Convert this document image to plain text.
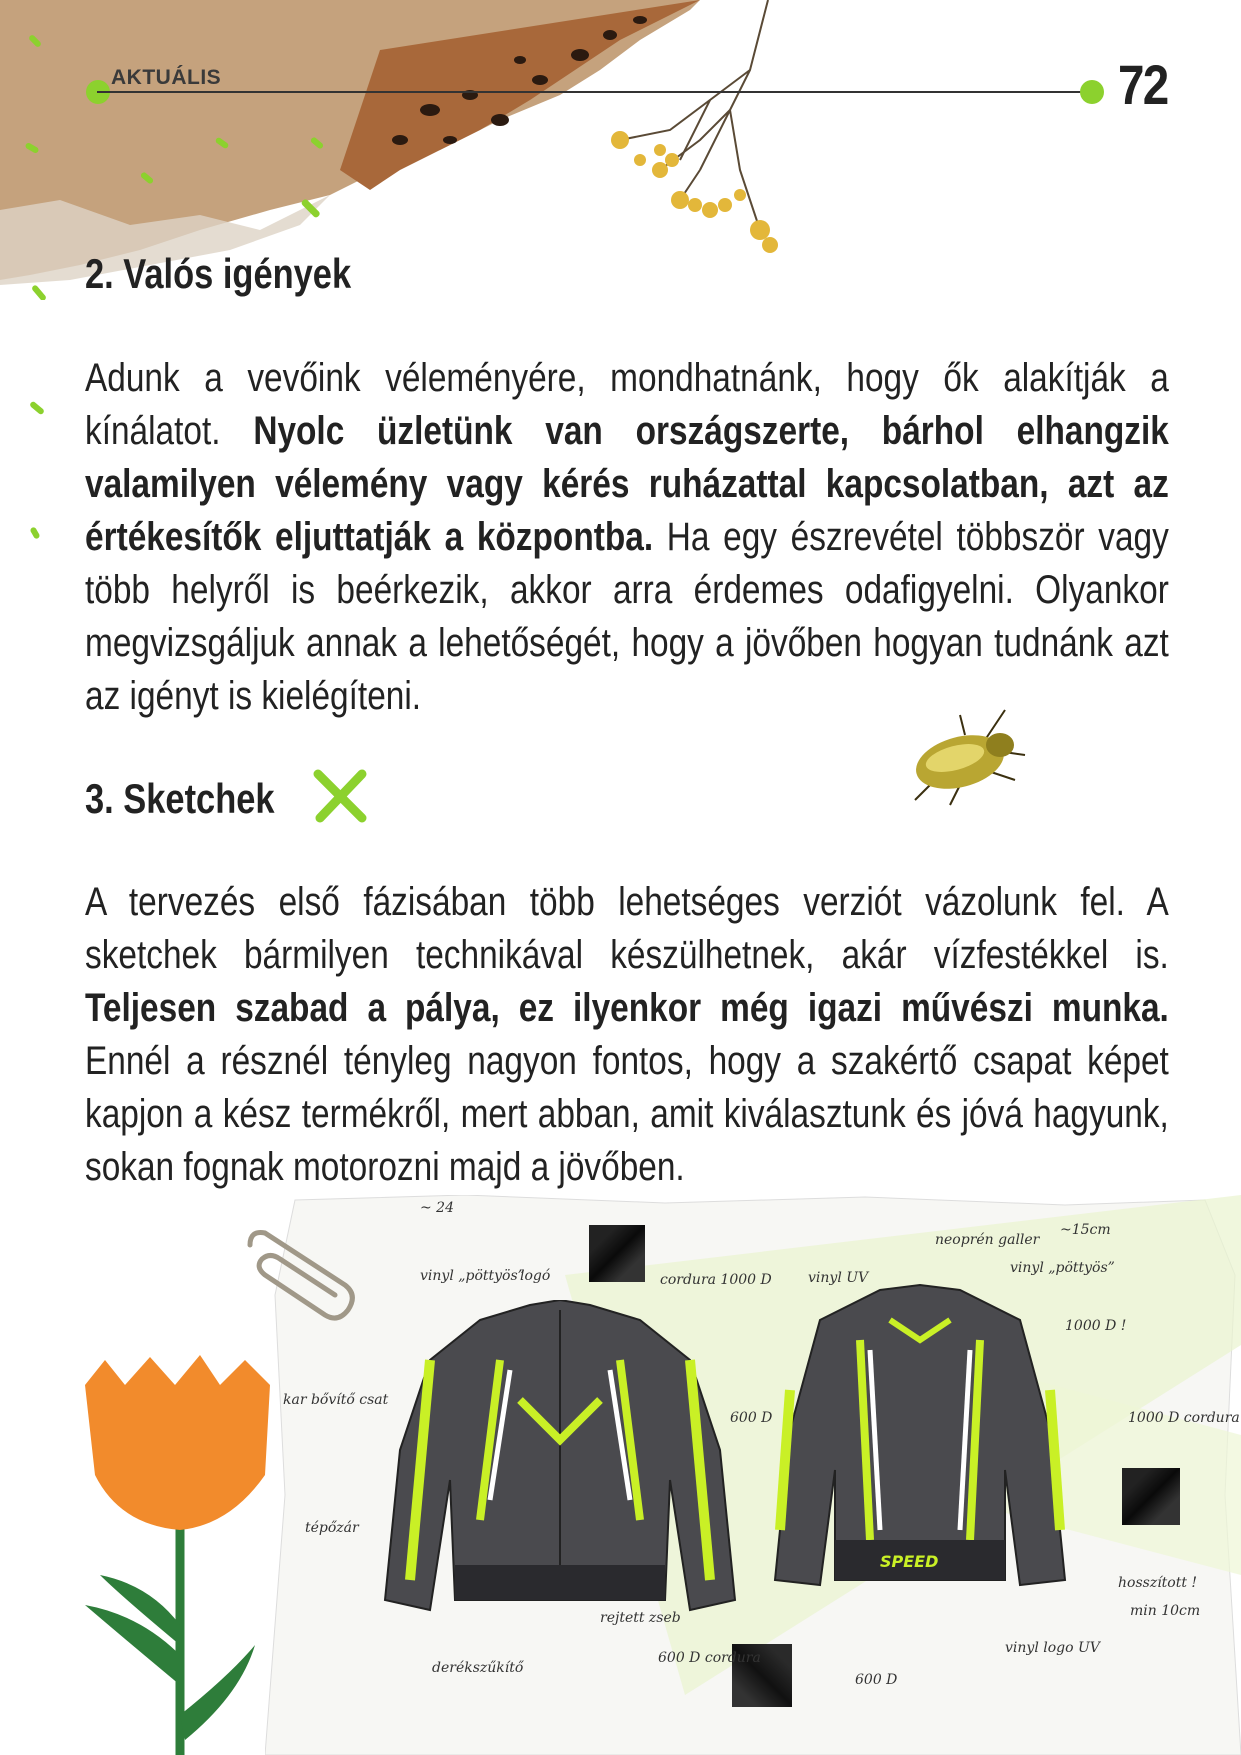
AKTUÁLIS	72
2. Valós igények
Adunk a vevőink véleményére, mondhatnánk, hogy ők alakítják a kínálatot. Nyolc üzletünk van országszerte, bárhol elhangzik valamilyen vélemény vagy kérés ruházattal kapcsolatban, azt az értékesítők eljuttatják a központba. Ha egy észrevétel többször vagy több helyről is beérkezik, akkor arra érdemes odafigyelni. Olyankor megvizsgáljuk annak a lehetőségét, hogy a jövőben hogyan tudnánk azt az igényt is kielégíteni.
3. Sketchek
A tervezés első fázisában több lehetséges verziót vázolunk fel. A sketchek bármilyen technikával készülhetnek, akár vízfestékkel is. Teljesen szabad a pálya, ez ilyenkor még igazi művészi munka. Ennél a résznél tényleg nagyon fontos, hogy a szakértő csapat képet kapjon a kész termékről, mert abban, amit kiválasztunk és jóvá hagyunk, sokan fognak motorozni majd a jövőben.
SPEED
~ 24
vinyl „pöttyös”
logó	cordura 1000 D
kar bővítő csat
vinyl UV
neoprén galler
vinyl „pöttyös”
~15cm
1000 D !
600 D	1000 D cordura
tépőzár
hosszított !
min 10cm
rejtett zseb
600 D cordura
derékszűkítő
vinyl logo UV
600 D
